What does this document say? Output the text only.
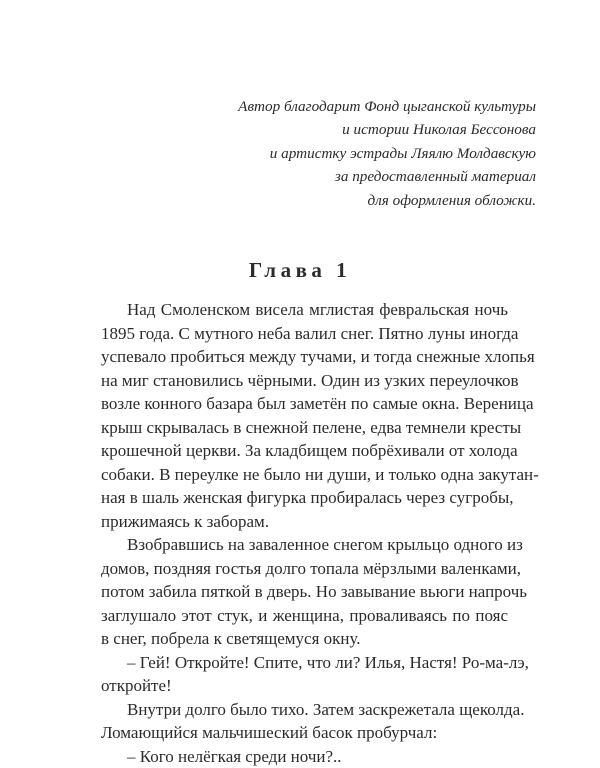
Автор благодарит Фонд цыганской культуры
и истории Николая Бессонова
и артистку эстрады Ляялю Молдавскую
за предоставленный материал
для оформления обложки.
Глава 1
Над Смоленском висела мглистая февральская ночь
1895 года. С мутного неба валил снег. Пятно луны иногда
успевало пробиться между тучами, и тогда снежные хлопья
на миг становились чёрными. Один из узких переулочков
возле конного базара был заметён по самые окна. Вереница
крыш скрывалась в снежной пелене, едва темнели кресты
крошечной церкви. За кладбищем побрёхивали от холода
собаки. В переулке не было ни души, и только одна закутан-
ная в шаль женская фигурка пробиралась через сугробы,
прижимаясь к заборам.
Взобравшись на заваленное снегом крыльцо одного из
домов, поздняя гостья долго топала мёрзлыми валенками,
потом забила пяткой в дверь. Но завывание вьюги напрочь
заглушало этот стук, и женщина, проваливаясь по пояс
в снег, побрела к светящемуся окну.
– Гей! Откройте! Спите, что ли? Илья, Настя! Ро-ма-лэ,
откройте!
Внутри долго было тихо. Затем заскрежетала щеколда.
Ломающийся мальчишеский басок пробурчал:
– Кого нелёгкая среди ночи?..
